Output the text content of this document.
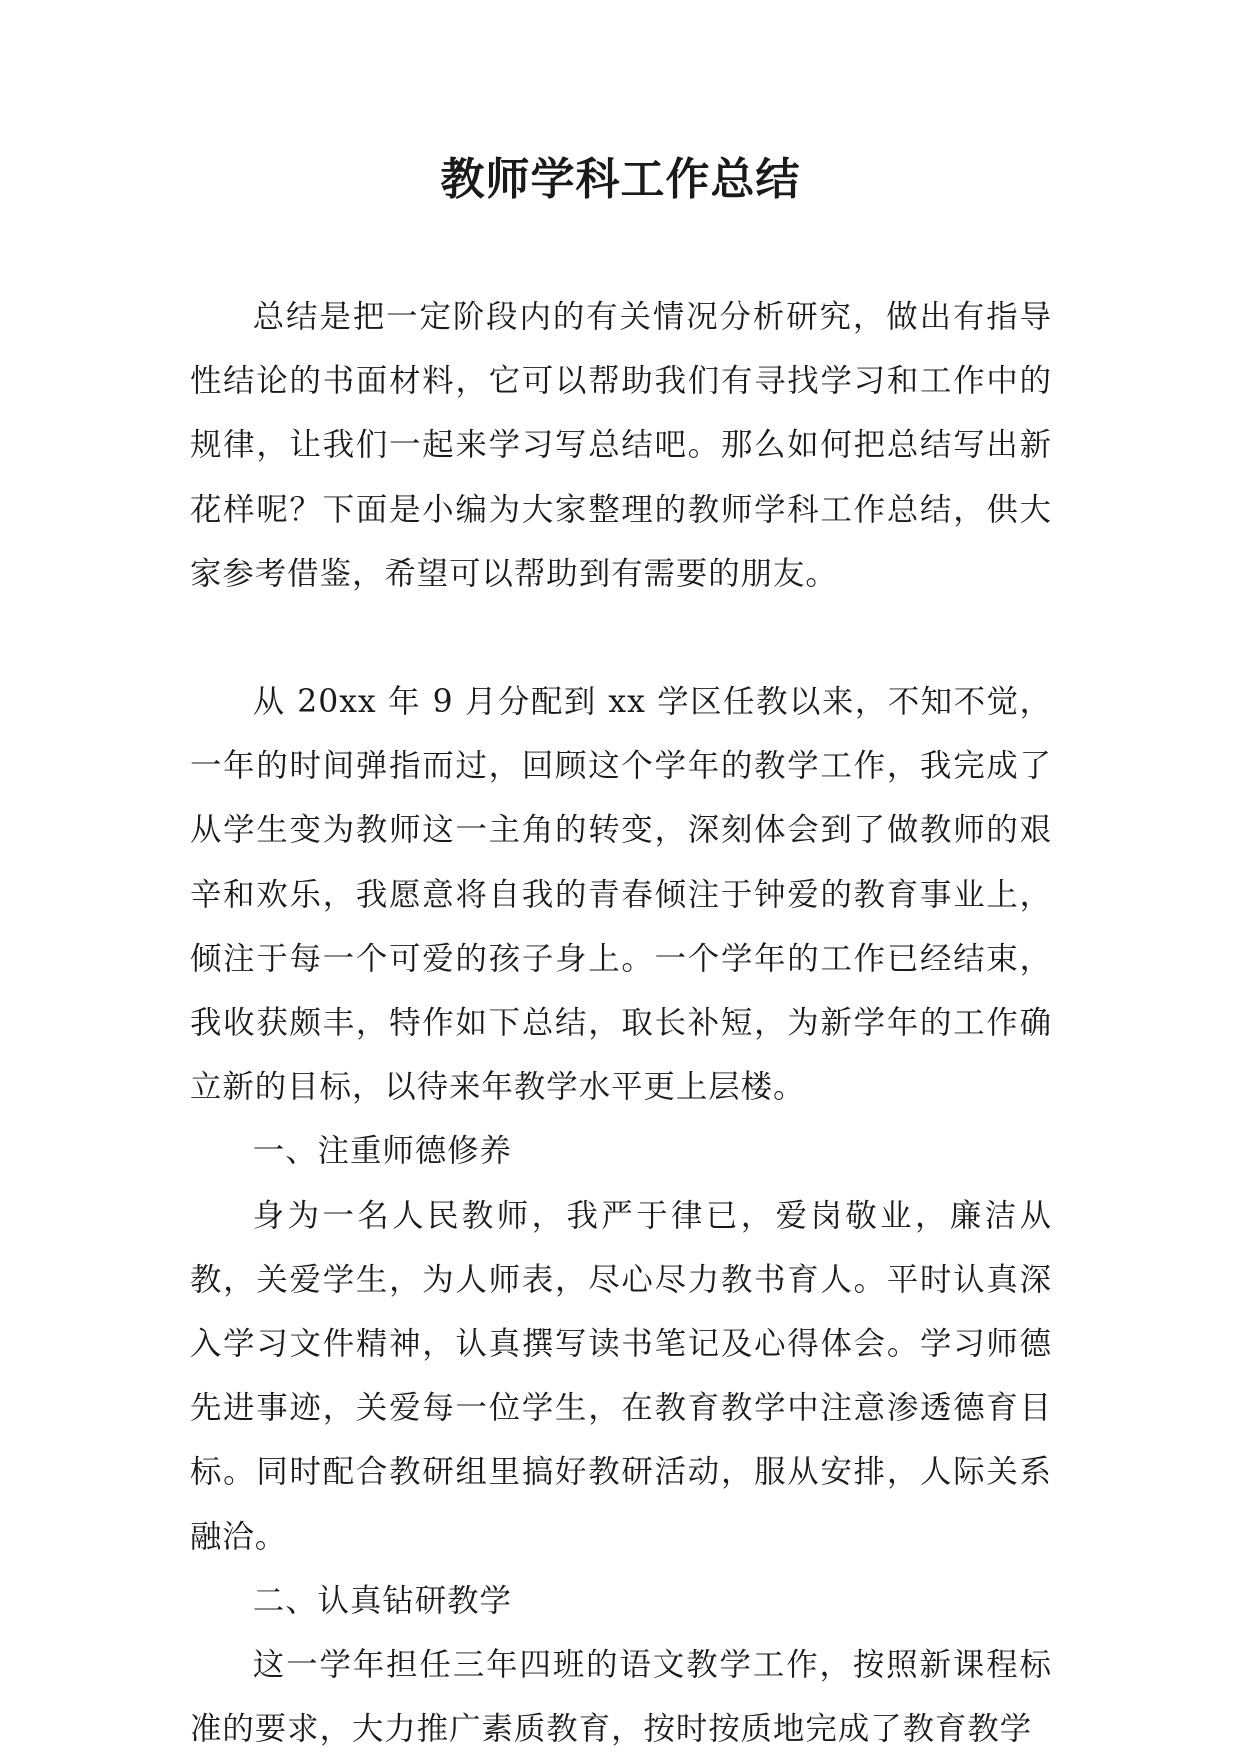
教师学科工作总结

总结是把一定阶段内的有关情况分析研究，做出有指导性结论的书面材料，它可以帮助我们有寻找学习和工作中的规律，让我们一起来学习写总结吧。那么如何把总结写出新花样呢？下面是小编为大家整理的教师学科工作总结，供大家参考借鉴，希望可以帮助到有需要的朋友。

从 20xx 年 9 月分配到 xx 学区任教以来，不知不觉，一年的时间弹指而过，回顾这个学年的教学工作，我完成了从学生变为教师这一主角的转变，深刻体会到了做教师的艰辛和欢乐，我愿意将自我的青春倾注于钟爱的教育事业上，倾注于每一个可爱的孩子身上。一个学年的工作已经结束，我收获颇丰，特作如下总结，取长补短，为新学年的工作确立新的目标，以待来年教学水平更上层楼。

一、注重师德修养

身为一名人民教师，我严于律已，爱岗敬业，廉洁从教，关爱学生，为人师表，尽心尽力教书育人。平时认真深入学习文件精神，认真撰写读书笔记及心得体会。学习师德先进事迹，关爱每一位学生，在教育教学中注意渗透德育目标。同时配合教研组里搞好教研活动，服从安排，人际关系融洽。

二、认真钻研教学

这一学年担任三年四班的语文教学工作，按照新课程标准的要求，大力推广素质教育，按时按质地完成了教育教学
